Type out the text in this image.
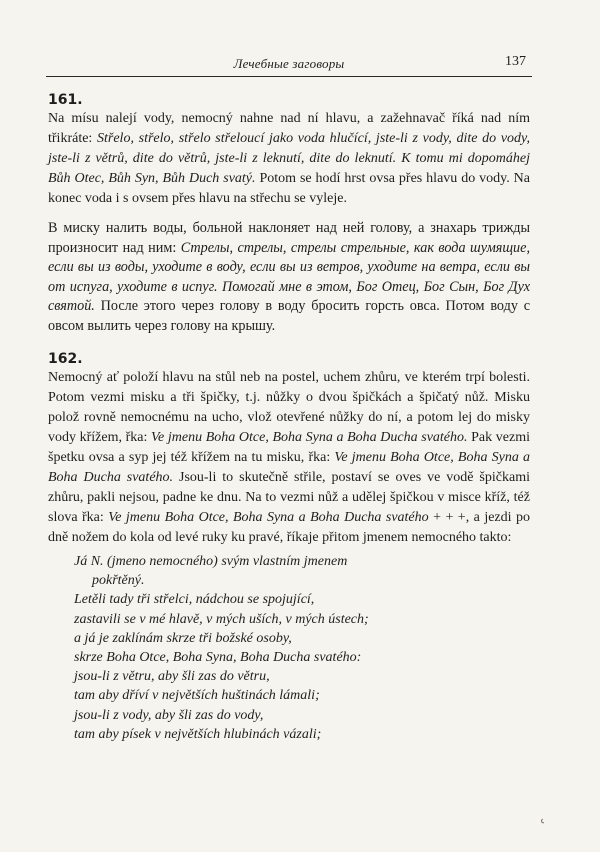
Лечебные заговоры	137

161.

Na mísu nalejí vody, nemocný nahne nad ní hlavu, a zažehnavač říká nad ním třikráte: Střelo, střelo, střelo střeloucí jako voda hlučící, jste-li z vody, dite do vody, jste-li z větrů, dite do větrů, jste-li z leknutí, dite do leknutí. K tomu mi dopomáhej Bůh Otec, Bůh Syn, Bůh Duch svatý. Potom se hodí hrst ovsa přes hlavu do vody. Na konec voda i s ovsem přes hlavu na střechu se vyleje.

В миску налить воды, больной наклоняет над ней голову, а знахарь трижды произносит над ним: Стрелы, стрелы, стрелы стрельные, как вода шумящие, если вы из воды, уходите в воду, если вы из ветров, уходите на ветра, если вы от испуга, уходите в испуг. Помогай мне в этом, Бог Отец, Бог Сын, Бог Дух святой. После этого через голову в воду бросить горсть овса. Потом воду с овсом вылить через голову на крышу.

162.

Nemocný ať položí hlavu na stůl neb na postel, uchem zhůru, ve kterém trpí bolesti. Potom vezmi misku a tři špičky, t.j. nůžky o dvou špičkách a špičatý nůž. Misku polož rovně nemocnému na ucho, vlož otevřené nůžky do ní, a potom lej do misky vody křížem, řka: Ve jmenu Boha Otce, Boha Syna a Boha Ducha svatého. Pak vezmi špetku ovsa a syp jej též křížem na tu misku, řka: Ve jmenu Boha Otce, Boha Syna a Boha Ducha svatého. Jsou-li to skutečně střile, postaví se oves ve vodě špičkami zhůru, pakli nejsou, padne ke dnu. Na to vezmi nůž a udělej špičkou v misce kříž, též slova řka: Ve jmenu Boha Otce, Boha Syna a Boha Ducha svatého + + +, a jezdi po dně nožem do kola od levé ruky ku pravé, říkaje přitom jmenem nemocného takto:

Já N. (jmeno nemocného) svým vlastním jmenem pokřtěný.
Letěli tady tři střelci, nádchou se spojující,
zastavili se v mé hlavě, v mých uších, v mých ústech;
a já je zaklínám skrze tři božské osoby,
skrze Boha Otce, Boha Syna, Boha Ducha svatého:
jsou-li z větru, aby šli zas do větru,
tam aby dříví v největších huštinách lámali;
jsou-li z vody, aby šli zas do vody,
tam aby písek v největších hlubinách vázali;
ʿ
